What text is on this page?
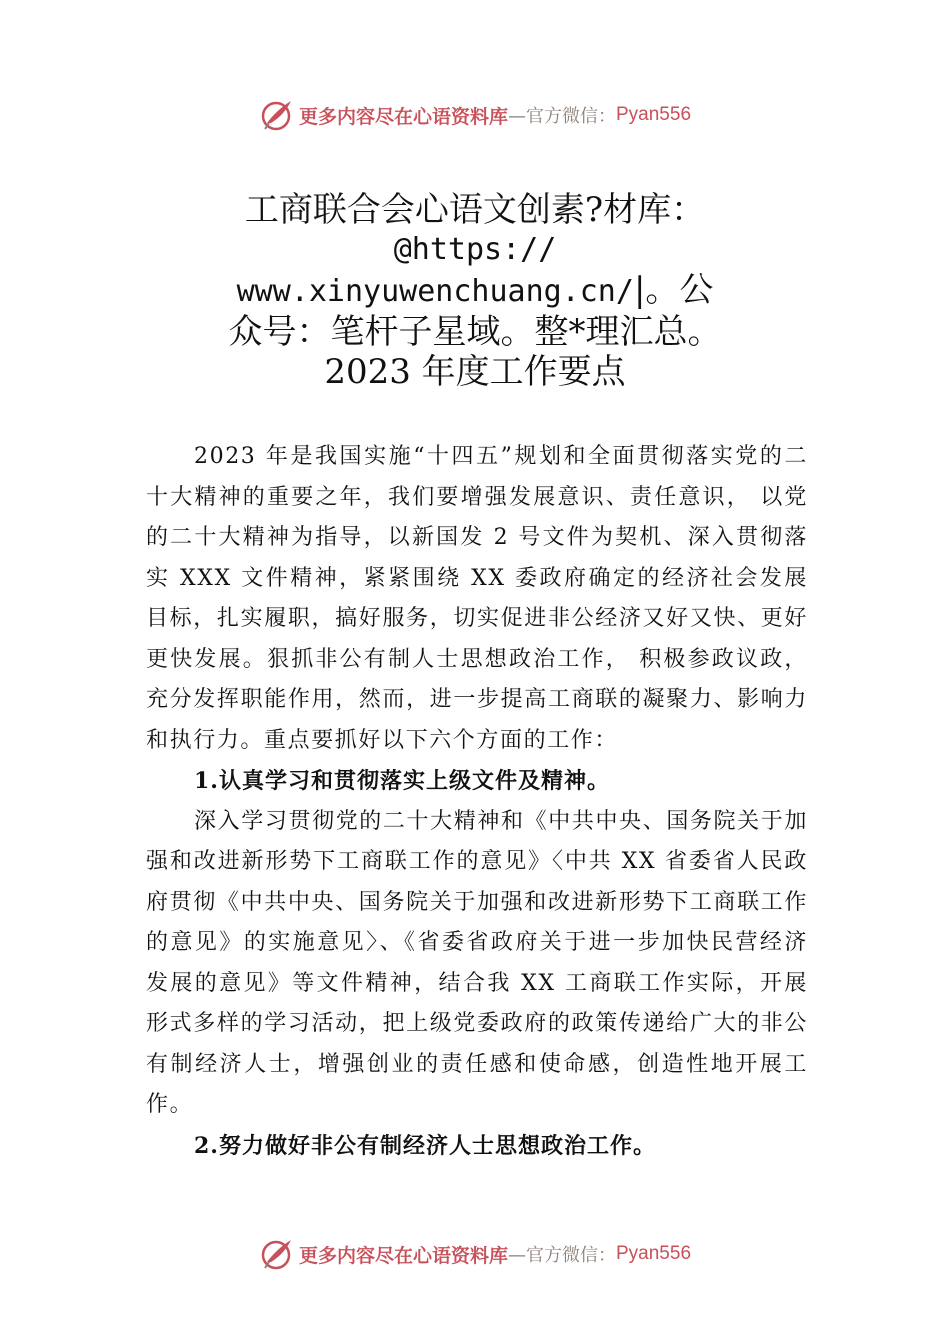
更多内容尽在心语资料库 —官方微信： Pyan556
工商联合会心语文创素?材库：
@https://
www.xinyuwenchuang.cn/|。公
众号：笔杆子星域。整*理汇总。
2023 年度工作要点

2023 年是我国实施“十四五”规划和全面贯彻落实党的二十大精神的重要之年，我们要增强发展意识、责任意识， 以党的二十大精神为指导，以新国发 2 号文件为契机、深入贯彻落实 XXX 文件精神，紧紧围绕 XX 委政府确定的经济社会发展目标，扎实履职，搞好服务，切实促进非公经济又好又快、更好更快发展。狠抓非公有制人士思想政治工作， 积极参政议政，充分发挥职能作用，然而，进一步提高工商联的凝聚力、影响力和执行力。重点要抓好以下六个方面的工作：

1.认真学习和贯彻落实上级文件及精神。

深入学习贯彻党的二十大精神和《中共中央、国务院关于加强和改进新形势下工商联工作的意见》〈中共 XX 省委省人民政府贯彻《中共中央、国务院关于加强和改进新形势下工商联工作的意见》的实施意见〉、《省委省政府关于进一步加快民营经济发展的意见》等文件精神，结合我 XX 工商联工作实际，开展形式多样的学习活动，把上级党委政府的政策传递给广大的非公有制经济人士，增强创业的责任感和使命感，创造性地开展工作。

2.努力做好非公有制经济人士思想政治工作。

更多内容尽在心语资料库 —官方微信： Pyan556
